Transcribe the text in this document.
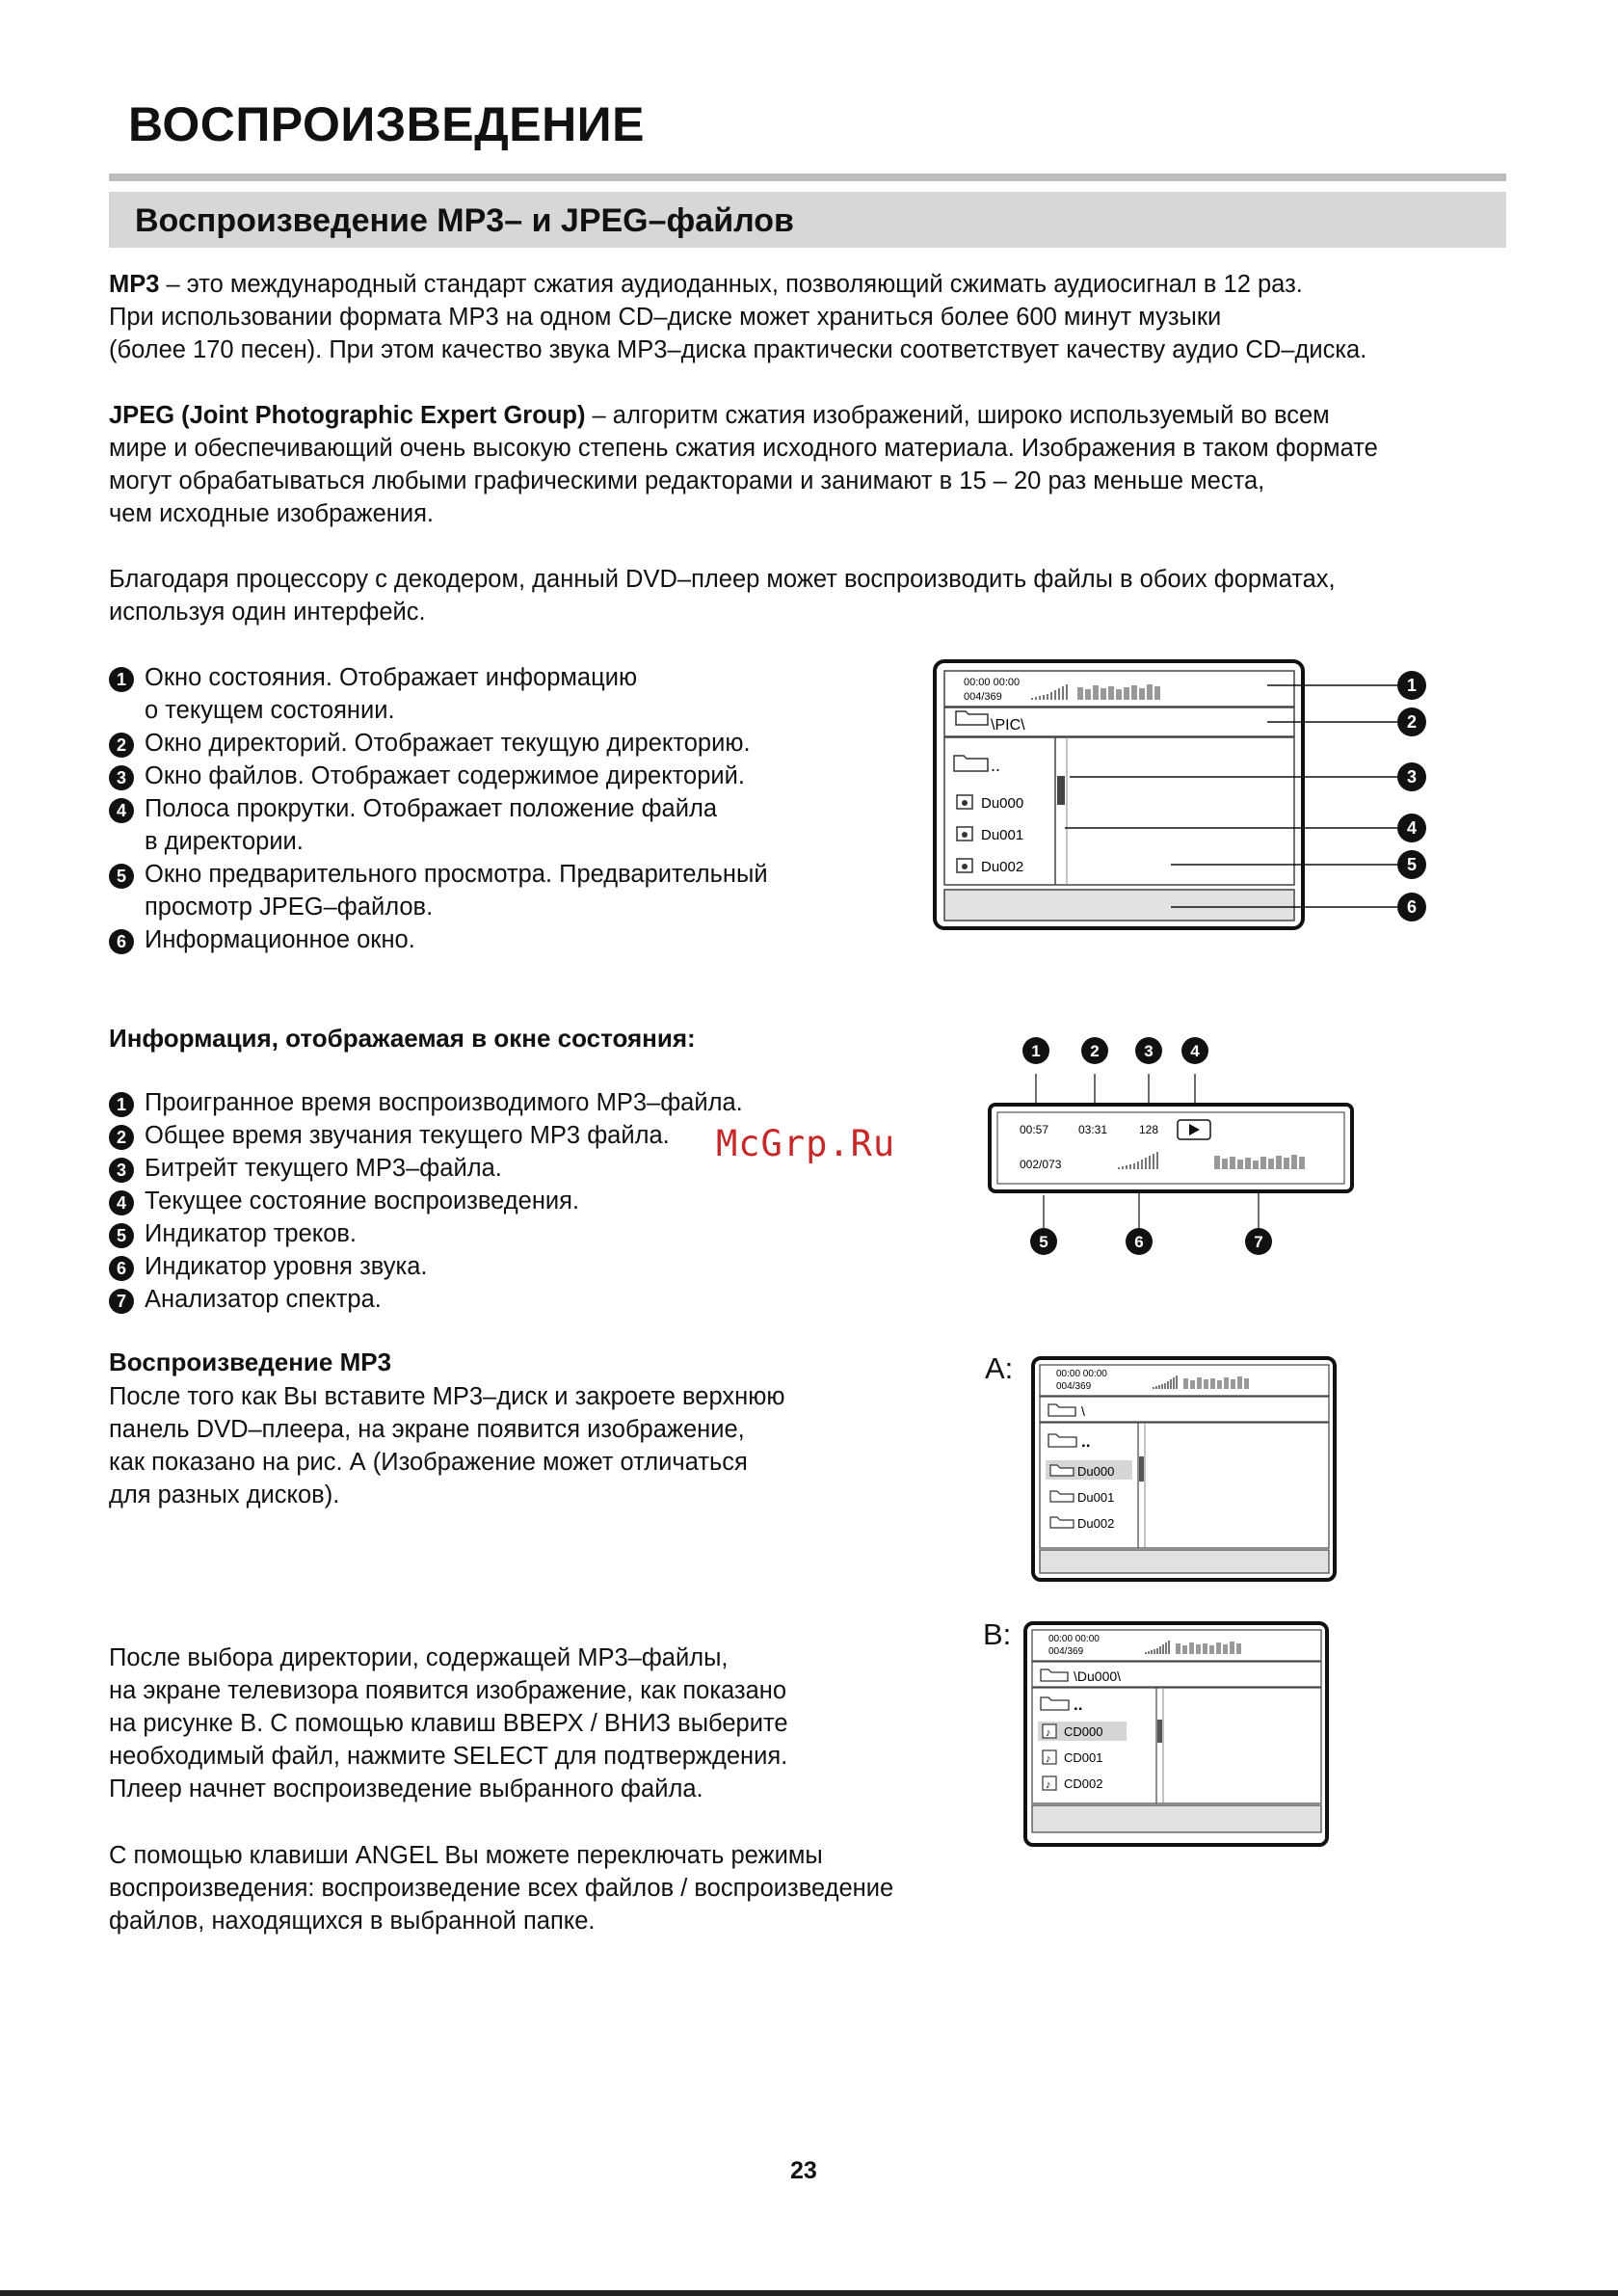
ВОСПРОИЗВЕДЕНИЕ
Воспроизведение МР3– и JPEG–файлов

МР3 – это международный стандарт сжатия аудиоданных, позволяющий сжимать аудиосигнал в 12 раз.

При использовании формата МР3 на одном CD–диске может храниться более 600 минут музыки

(более 170 песен). При этом качество звука МР3–диска практически соответствует качеству аудио CD–диска.

JPEG (Joint Photographic Expert Group) – алгоритм сжатия изображений, широко используемый во всем

мире и обеспечивающий очень высокую степень сжатия исходного материала. Изображения в таком формате

могут обрабатываться любыми графическими редакторами и занимают в 15 – 20 раз меньше места,

чем исходные изображения.

Благодаря процессору с декодером, данный DVD–плеер может воспроизводить файлы в обоих форматах,

используя один интерфейс.

1 Окно состояния. Отображает информацию
о текущем состоянии.
2 Окно директорий. Отображает текущую директорию.
3 Окно файлов. Отображает содержимое директорий.
4 Полоса прокрутки. Отображает положение файла
в директории.
5 Окно предварительного просмотра. Предварительный
просмотр JPEG–файлов.
6 Информационное окно.
00:00 00:00
004/369
\PIC\
..
Du000
Du001
Du002
1
2
3
4
5
6
Информация, отображаемая в окне состояния:
1 Проигранное время воспроизводимого МР3–файла.
2 Общее время звучания текущего МР3 файла.
3 Битрейт текущего МР3–файла.
4 Текущее состояние воспроизведения.
5 Индикатор треков.
6 Индикатор уровня звука.
7 Анализатор спектра.
1	2	3 4
00:57	03:31	128
002/073
5	6	7
McGrp.Ru
Воспроизведение МР3

После того как Вы вставите МР3–диск и закроете верхнюю

панель DVD–плеера, на экране появится изображение,

как показано на рис. А (Изображение может отличаться

для разных дисков).

После выбора директории, содержащей МР3–файлы,

на экране телевизора появится изображение, как показано

на рисунке В. С помощью клавиш ВВЕРХ / ВНИЗ выберите

необходимый файл, нажмите SELECT для подтверждения.

Плеер начнет воспроизведение выбранного файла.

С помощью клавиши ANGEL Вы можете переключать режимы

воспроизведения: воспроизведение всех файлов / воспроизведение

файлов, находящихся в выбранной папке.

А:	00:00 00:00
004/369
\
..
Du000
Du001
Du002
В:	00:00 00:00
004/369
\Du000\
..
♪ CD000
♪ CD001
♪ CD002
23
